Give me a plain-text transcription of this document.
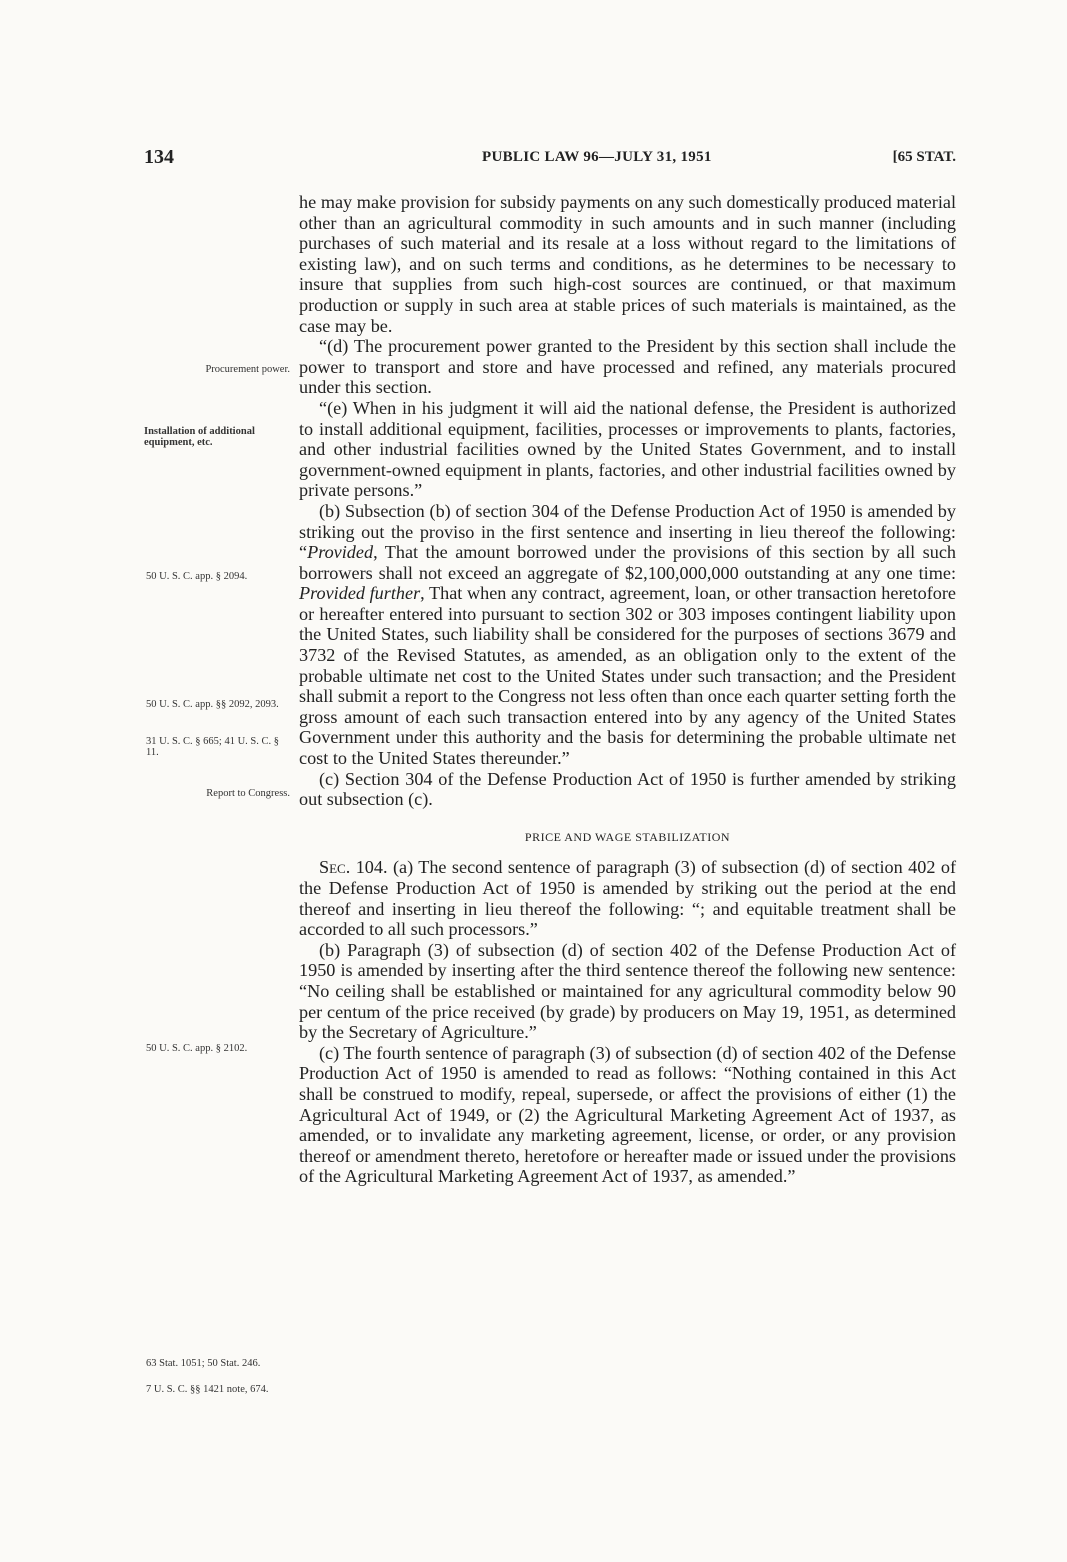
134	PUBLIC LAW 96—JULY 31, 1951	[65 STAT.
Procurement power.
Installation of additional equipment, etc.
50 U. S. C. app. § 2094.
50 U. S. C. app. §§ 2092, 2093.
31 U. S. C. § 665; 41 U. S. C. § 11.
Report to Congress.
50 U. S. C. app. § 2102.
63 Stat. 1051; 50 Stat. 246.
7 U. S. C. §§ 1421 note, 674.

he may make provision for subsidy payments on any such domestically produced material other than an agricultural commodity in such amounts and in such manner (including purchases of such material and its resale at a loss without regard to the limitations of existing law), and on such terms and conditions, as he determines to be necessary to insure that supplies from such high-cost sources are continued, or that maximum production or supply in such area at stable prices of such materials is maintained, as the case may be.

“(d) The procurement power granted to the President by this section shall include the power to transport and store and have processed and refined, any materials procured under this section.

“(e) When in his judgment it will aid the national defense, the President is authorized to install additional equipment, facilities, processes or improvements to plants, factories, and other industrial facilities owned by the United States Government, and to install government-owned equipment in plants, factories, and other industrial facilities owned by private persons.”

(b) Subsection (b) of section 304 of the Defense Production Act of 1950 is amended by striking out the proviso in the first sentence and inserting in lieu thereof the following: “Provided, That the amount borrowed under the provisions of this section by all such borrowers shall not exceed an aggregate of $2,100,000,000 outstanding at any one time: Provided further, That when any contract, agreement, loan, or other transaction heretofore or hereafter entered into pursuant to section 302 or 303 imposes contingent liability upon the United States, such liability shall be considered for the purposes of sections 3679 and 3732 of the Revised Statutes, as amended, as an obligation only to the extent of the probable ultimate net cost to the United States under such transaction; and the President shall submit a report to the Congress not less often than once each quarter setting forth the gross amount of each such transaction entered into by any agency of the United States Government under this authority and the basis for determining the probable ultimate net cost to the United States thereunder.”

(c) Section 304 of the Defense Production Act of 1950 is further amended by striking out subsection (c).

PRICE AND WAGE STABILIZATION

Sec. 104. (a) The second sentence of paragraph (3) of subsection (d) of section 402 of the Defense Production Act of 1950 is amended by striking out the period at the end thereof and inserting in lieu thereof the following: “; and equitable treatment shall be accorded to all such processors.”

(b) Paragraph (3) of subsection (d) of section 402 of the Defense Production Act of 1950 is amended by inserting after the third sentence thereof the following new sentence: “No ceiling shall be established or maintained for any agricultural commodity below 90 per centum of the price received (by grade) by producers on May 19, 1951, as determined by the Secretary of Agriculture.”

(c) The fourth sentence of paragraph (3) of subsection (d) of section 402 of the Defense Production Act of 1950 is amended to read as follows: “Nothing contained in this Act shall be construed to modify, repeal, supersede, or affect the provisions of either (1) the Agricultural Act of 1949, or (2) the Agricultural Marketing Agreement Act of 1937, as amended, or to invalidate any marketing agreement, license, or order, or any provision thereof or amendment thereto, heretofore or hereafter made or issued under the provisions of the Agricultural Marketing Agreement Act of 1937, as amended.”
